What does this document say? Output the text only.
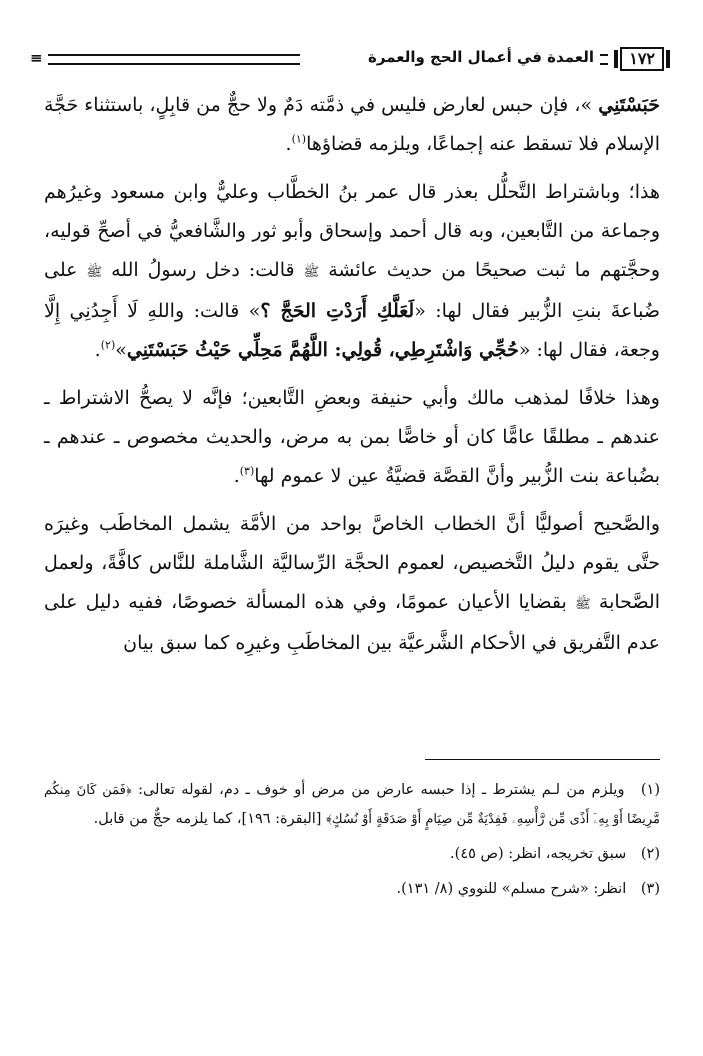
١٧٢
العمدة في أعمال الحج والعمرة
≡

حَبَسْتَنِي »، فإن حبس لعارض فليس في ذمَّته دَمٌ ولا حجٌّ من قابِلٍ، باستثناء حَجَّة الإسلام فلا تسقط عنه إجماعًا، ويلزمه قضاؤها$^{(١)}$.

هذا؛ وباشتراط التَّحلُّل بعذر قال عمر بنُ الخطَّاب وعليٌّ وابن مسعود وغيرُهم وجماعة من التَّابعين، وبه قال أحمد وإسحاق وأبو ثور والشَّافعيُّ في أصحِّ قوليه، وحجَّتهم ما ثبت صحيحًا من حديث عائشة ﷺ قالت: دخل رسولُ الله ﷺ على ضُباعةَ بنتِ الزُّبير فقال لها: «لَعَلَّكِ أَرَدْتِ الحَجَّ ؟» قالت: واللهِ لَا أَجِدُنِي إِلَّا وجعة، فقال لها: «حُجِّي وَاشْتَرِطِي، قُولِي: اللَّهُمَّ مَحِلِّي حَيْثُ حَبَسْتَنِي»$^{(٢)}$.

وهذا خلافًا لمذهب مالك وأبي حنيفة وبعضِ التَّابعين؛ فإنَّه لا يصحُّ الاشتراط ـ عندهم ـ مطلقًا عامًّا كان أو خاصًّا بمن به مرض، والحديث مخصوص ـ عندهم ـ بضُباعة بنت الزُّبير وأنَّ القصَّة قضيَّةُ عين لا عموم لها$^{(٣)}$.

والصَّحيح أصوليًّا أنَّ الخطاب الخاصَّ بواحد من الأمَّة يشمل المخاطَب وغيرَه حتَّى يقوم دليلُ التَّخصيص، لعموم الحجَّة الرِّساليَّة الشَّاملة للنَّاس كافَّةً، ولعمل الصَّحابة ﷺ بقضايا الأعيان عمومًا، وفي هذه المسألة خصوصًا، ففيه دليل على عدم التَّفريق في الأحكام الشَّرعيَّة بين المخاطَبِ وغيرِه كما سبق بيان

(١) ويلزم من لـم يشترط ـ إذا حبسه عارض من مرض أو خوف ـ دم، لقوله تعالى: ﴿فَمَن كَانَ مِنكُم مَّرِيضًا أَوْ بِهِۦٓ أَذًى مِّن رَّأْسِهِۦ فَفِدْيَةٌ مِّن صِيَامٍ أَوْ صَدَقَةٍ أَوْ نُسُكٍ﴾ [البقرة: ١٩٦]، كما يلزمه حجٌّ من قابل.

(٢) سبق تخريجه، انظر: (ص ٤٥).

(٣) انظر: «شرح مسلم» للنووي (٨/ ١٣١).
